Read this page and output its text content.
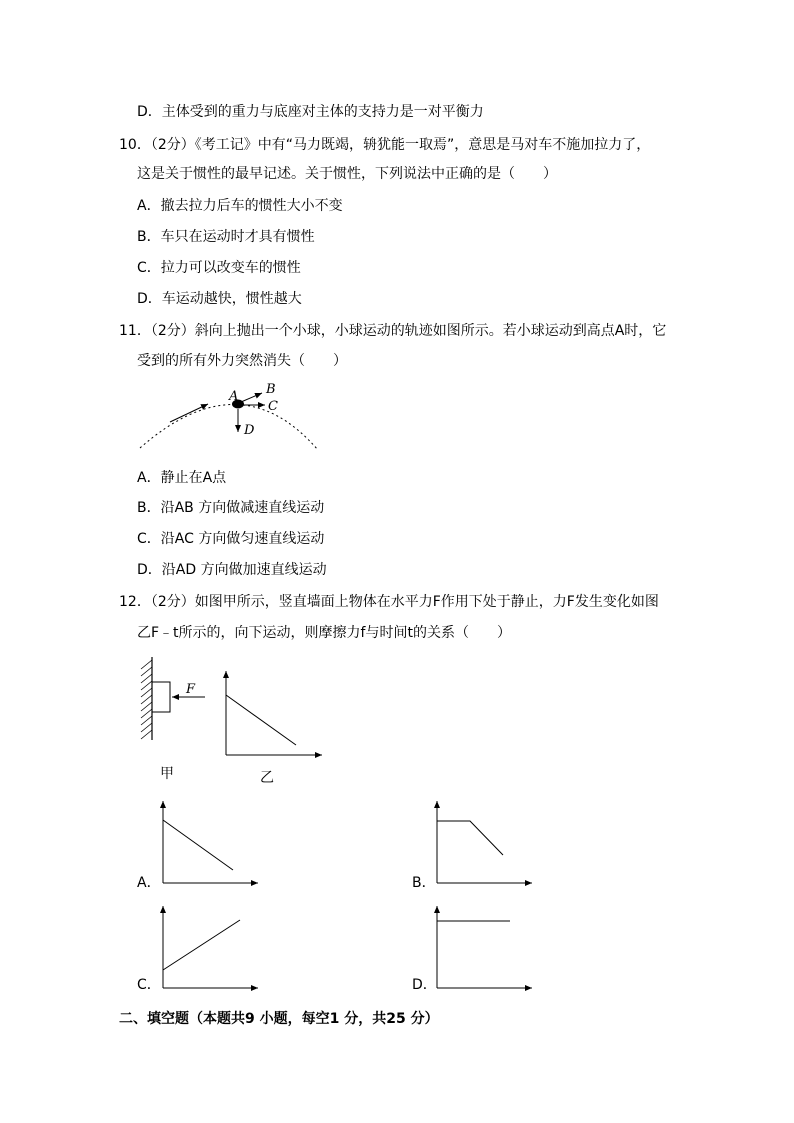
D．主体受到的重力与底座对主体的支持力是一对平衡力
10．（2分）《考工记》中有“马力既竭，辀犹能一取焉”，意思是马对车不施加拉力了，
这是关于惯性的最早记述。关于惯性，下列说法中正确的是（　　）
A．撤去拉力后车的惯性大小不变
B．车只在运动时才具有惯性
C．拉力可以改变车的惯性
D．车运动越快，惯性越大
11．（2分）斜向上抛出一个小球，小球运动的轨迹如图所示。若小球运动到高点A时，它
受到的所有外力突然消失（　　）
A B
C
D
A．静止在A点
B．沿AB 方向做减速直线运动
C．沿AC 方向做匀速直线运动
D．沿AD 方向做加速直线运动
12．（2分）如图甲所示，竖直墙面上物体在水平力F作用下处于静止，力F发生变化如图
乙F﹣t所示的，向下运动，则摩擦力f与时间t的关系（　　）
F
甲	乙
A．	B．
C．	D．
二、填空题（本题共9 小题，每空1 分，共25 分）
